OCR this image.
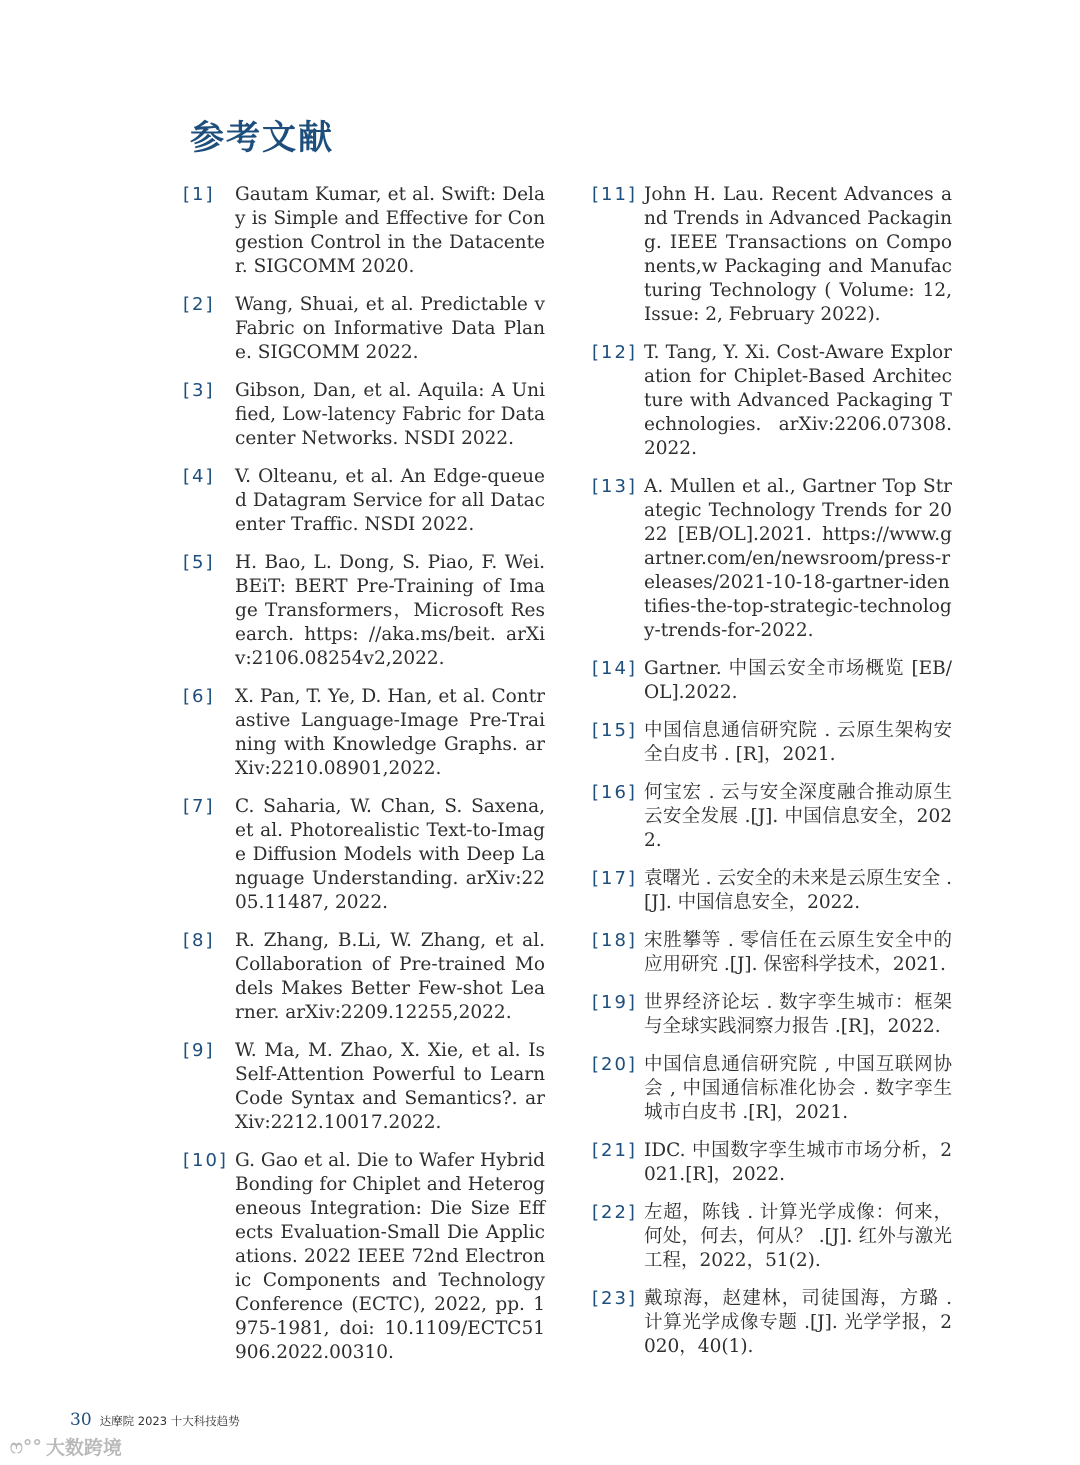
参考文献
[1]	Gautam Kumar, et al. Swift: Delay is Simple and Effective for Congestion Control in the Datacenter. SIGCOMM 2020.
[2]	Wang, Shuai, et al. Predictable vFabric on Informative Data Plane. SIGCOMM 2022.
[3]	Gibson, Dan, et al. Aquila: A Unified, Low-latency Fabric for Datacenter Networks. NSDI 2022.
[4]	V. Olteanu, et al. An Edge-queued Datagram Service for all Datacenter Traffic. NSDI 2022.
[5]	H. Bao, L. Dong, S. Piao, F. Wei. BEiT: BERT Pre-Training of Image Transformers，Microsoft Research. https: //aka.ms/beit. arXiv:2106.08254v2,2022.
[6]	X. Pan, T. Ye, D. Han, et al. Contrastive Language-Image Pre-Training with Knowledge Graphs. arXiv:2210.08901,2022.
[7]	C. Saharia, W. Chan, S. Saxena, et al. Photorealistic Text-to-Image Diffusion Models with Deep Language Understanding. arXiv:2205.11487, 2022.
[8]	R. Zhang, B.Li, W. Zhang, et al. Collaboration of Pre-trained Models Makes Better Few-shot Learner. arXiv:2209.12255,2022.
[9]	W. Ma, M. Zhao, X. Xie, et al. Is Self-Attention Powerful to Learn Code Syntax and Semantics?. arXiv:2212.10017.2022.
[10] G. Gao et al. Die to Wafer Hybrid Bonding for Chiplet and Heterogeneous Integration: Die Size Effects Evaluation-Small Die Applications. 2022 IEEE 72nd Electronic Components and Technology Conference (ECTC), 2022, pp. 1975-1981, doi: 10.1109/ECTC51906.2022.00310.
[11] John H. Lau. Recent Advances and Trends in Advanced Packaging. IEEE Transactions on Components,w Packaging and Manufacturing Technology ( Volume: 12, Issue: 2, February 2022).
[12] T. Tang, Y. Xi. Cost-Aware Exploration for Chiplet-Based Architecture with Advanced Packaging Technologies. arXiv:2206.07308.2022.
[13] A. Mullen et al., Gartner Top Strategic Technology Trends for 2022 [EB/OL].2021. https://www.gartner.com/en/newsroom/press-releases/2021-10-18-gartner-identifies-the-top-strategic-technology-trends-for-2022.
[14] Gartner. 中国云安全市场概览 [EB/OL].2022.
[15] 中国信息通信研究院 . 云原生架构安全白皮书 . [R]，2021.
[16] 何宝宏 . 云与安全深度融合推动原生云安全发展 .[J]. 中国信息安全，2022.
[17] 袁曙光 . 云安全的未来是云原生安全 .[J]. 中国信息安全，2022.
[18] 宋胜攀等 . 零信任在云原生安全中的应用研究 .[J]. 保密科学技术，2021.
[19] 世界经济论坛 . 数字孪生城市：框架与全球实践洞察力报告 .[R]，2022.
[20] 中国信息通信研究院 , 中国互联网协会 , 中国通信标准化协会 . 数字孪生城市白皮书 .[R]，2021.
[21] IDC. 中国数字孪生城市市场分析，2021.[R]，2022.
[22] 左超，陈钱 . 计算光学成像：何来，何处，何去，何从？ .[J]. 红外与激光工程，2022，51(2).
[23] 戴琼海，赵建林，司徒国海，方璐 . 计算光学成像专题 .[J]. 光学学报，2020，40(1).
30 达摩院 2023 十大科技趋势
ෆ°° 大数跨境
